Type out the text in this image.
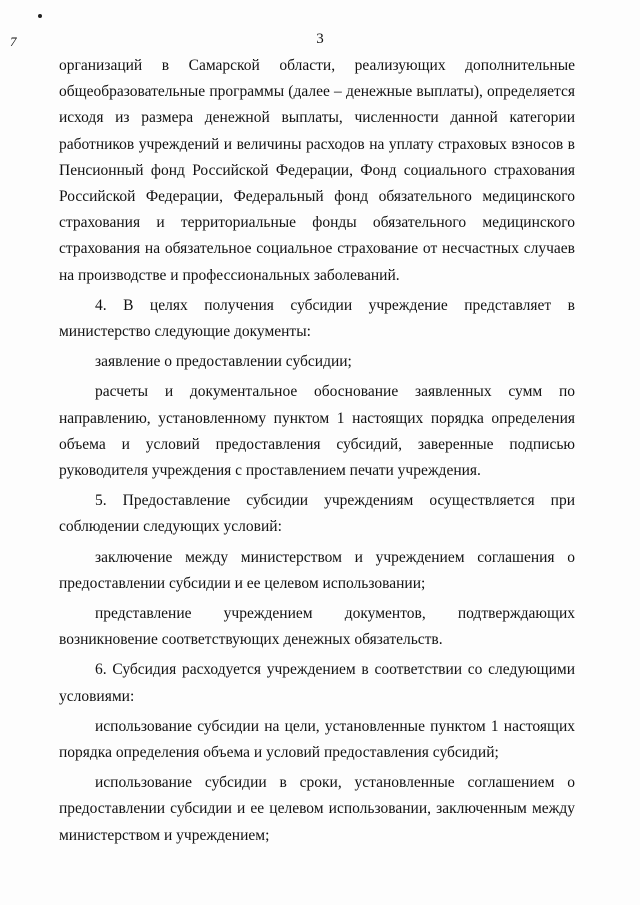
7	3

организаций в Самарской области, реализующих дополнительные общеобразовательные программы (далее – денежные выплаты), определяется исходя из размера денежной выплаты, численности данной категории работников учреждений и величины расходов на уплату страховых взносов в Пенсионный фонд Российской Федерации, Фонд социального страхования Российской Федерации, Федеральный фонд обязательного медицинского страхования и территориальные фонды обязательного медицинского страхования на обязательное социальное страхование от несчастных случаев на производстве и профессиональных заболеваний.

4. В целях получения субсидии учреждение представляет в министерство следующие документы:

заявление о предоставлении субсидии;

расчеты и документальное обоснование заявленных сумм по направлению, установленному пунктом 1 настоящих порядка определения объема и условий предоставления субсидий, заверенные подписью руководителя учреждения с проставлением печати учреждения.

5. Предоставление субсидии учреждениям осуществляется при соблюдении следующих условий:

заключение между министерством и учреждением соглашения о предоставлении субсидии и ее целевом использовании;

представление учреждением документов, подтверждающих возникновение соответствующих денежных обязательств.

6. Субсидия расходуется учреждением в соответствии со следующими условиями:

использование субсидии на цели, установленные пунктом 1 настоящих порядка определения объема и условий предоставления субсидий;

использование субсидии в сроки, установленные соглашением о предоставлении субсидии и ее целевом использовании, заключенным между министерством и учреждением;
